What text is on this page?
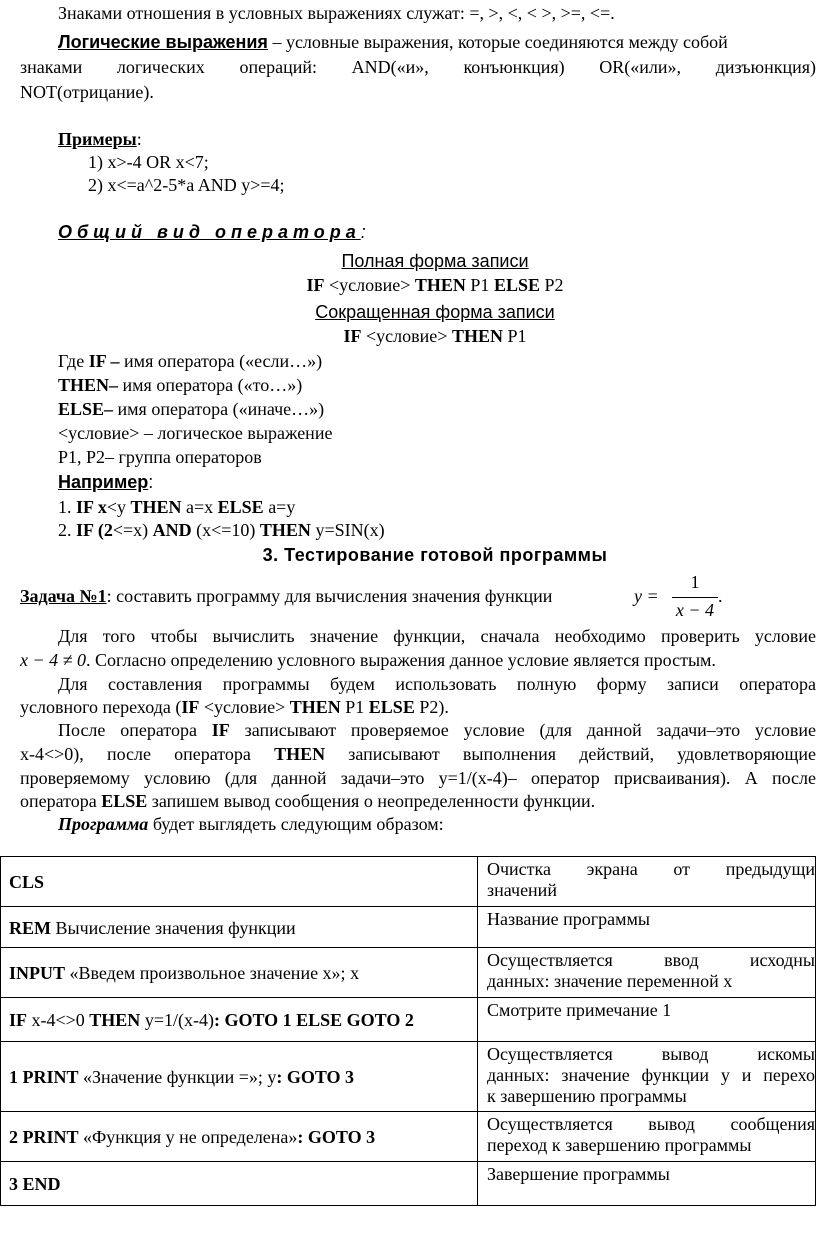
Знаками отношения в условных выражениях служат: =, >, <, < >, >=, <=.
Логические выражения – условные выражения, которые соединяются между собой
знаками логических операций: AND(«и», конъюнкция) OR(«или», дизъюнкция)
NOT(отрицание).
Примеры:
1) x>-4 OR x<7;
2) x<=a^2-5*a AND y>=4;
Общий вид оператора:
Полная форма записи
IF <условие> THEN P1 ELSE P2
Сокращенная форма записи
IF <условие> THEN P1
Где IF – имя оператора («если…»)
THEN– имя оператора («то…»)
ELSE– имя оператора («иначе…»)
<условие> – логическое выражение
P1, P2– группа операторов
Например:
1. IF x<y THEN a=x ELSE a=y
2. IF (2<=x) AND (x<=10) THEN y=SIN(x)
3. Тестирование готовой программы
Задача №1: составить программу для вычисления значения функции	y =
1
x − 4
.
Для того чтобы вычислить значение функции, сначала необходимо проверить условие
x − 4 ≠ 0. Согласно определению условного выражения данное условие является простым.
Для составления программы будем использовать полную форму записи оператора
условного перехода (IF <условие> THEN P1 ELSE P2).
После оператора IF записывают проверяемое условие (для данной задачи–это условие
x-4<>0), после оператора THEN записывают выполнения действий, удовлетворяющие
проверяемому условию (для данной задачи–это y=1/(x-4)– оператор присваивания). А после
оператора ELSE запишем вывод сообщения о неопределенности функции.
Программа будет выглядеть следующим образом:
CLS	Очистка экрана от предыдущи
значений

REM Вычисление значения функции	Название программы

INPUT «Введем произвольное значение x»; x	Осуществляется ввод исходны
данных: значение переменной x

IF x-4<>0 THEN y=1/(x-4): GOTO 1 ELSE GOTO 2	Смотрите примечание 1

1 PRINT «Значение функции =»; y: GOTO 3	Осуществляется вывод искомы
данных: значение функции y и перехо
к завершению программы

2 PRINT «Функция y не определена»: GOTO 3	Осуществляется вывод сообщения
переход к завершению программы

3 END	Завершение программы
